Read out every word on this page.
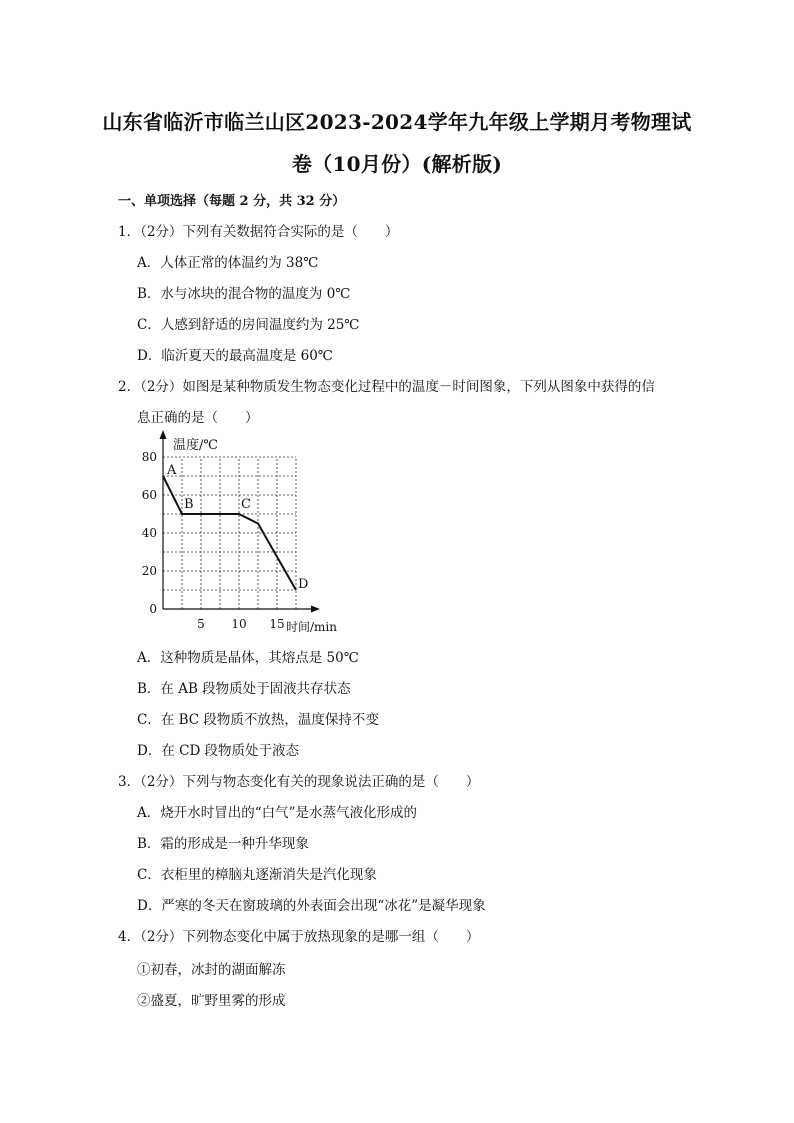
山东省临沂市临兰山区2023-2024学年九年级上学期月考物理试
卷（10月份）(解析版)
一、单项选择（每题 2 分，共 32 分）
1．（2分）下列有关数据符合实际的是（　　）
A．人体正常的体温约为 38℃
B．水与冰块的混合物的温度为 0℃
C．人感到舒适的房间温度约为 25℃
D．临沂夏天的最高温度是 60℃
2．（2分）如图是某种物质发生物态变化过程中的温度－时间图象，下列从图象中获得的信
息正确的是（　　）
0
20
40
60
80
5 10 15
温度/℃
时间/min
A
B	C
D
A．这种物质是晶体，其熔点是 50℃
B．在 AB 段物质处于固液共存状态
C．在 BC 段物质不放热，温度保持不变
D．在 CD 段物质处于液态
3．（2分）下列与物态变化有关的现象说法正确的是（　　）
A．烧开水时冒出的“白气”是水蒸气液化形成的
B．霜的形成是一种升华现象
C．衣柜里的樟脑丸逐渐消失是汽化现象
D．严寒的冬天在窗玻璃的外表面会出现“冰花”是凝华现象
4．（2分）下列物态变化中属于放热现象的是哪一组（　　）
①初春，冰封的湖面解冻
②盛夏，旷野里雾的形成
